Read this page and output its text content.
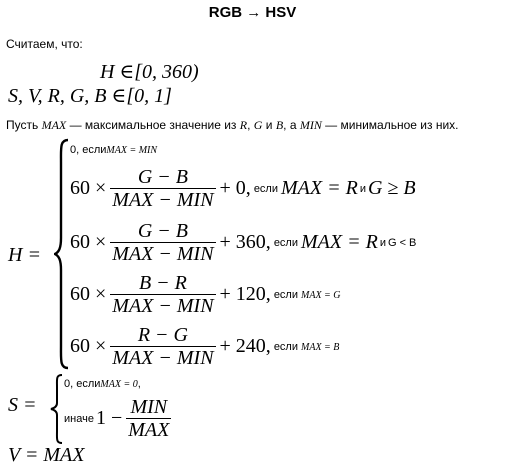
RGB → HSV
Считаем, что:
H ∈[0, 360)
S, V, R, G, B ∈[0, 1]
Пусть MAX — максимальное значение из R, G и B, а MIN — минимальное из них.
H =
0, если MAX = MIN
$60 \times \frac{G - B}{\text{MAX − MIN}} + 0$, если MAX = R и G ≥ B
$60 \times \frac{G - B}{\text{MAX − MIN}} + 360$, если MAX = R и G < B
$60 \times \frac{B - R}{\text{MAX − MIN}} + 120$, если MAX = G
$60 \times \frac{R - G}{\text{MAX − MIN}} + 240$, если MAX = B
S =
0, если MAX = 0 ,
иначе $1 - \frac{\text{MIN}}{\text{MAX}}$
V = MAX
